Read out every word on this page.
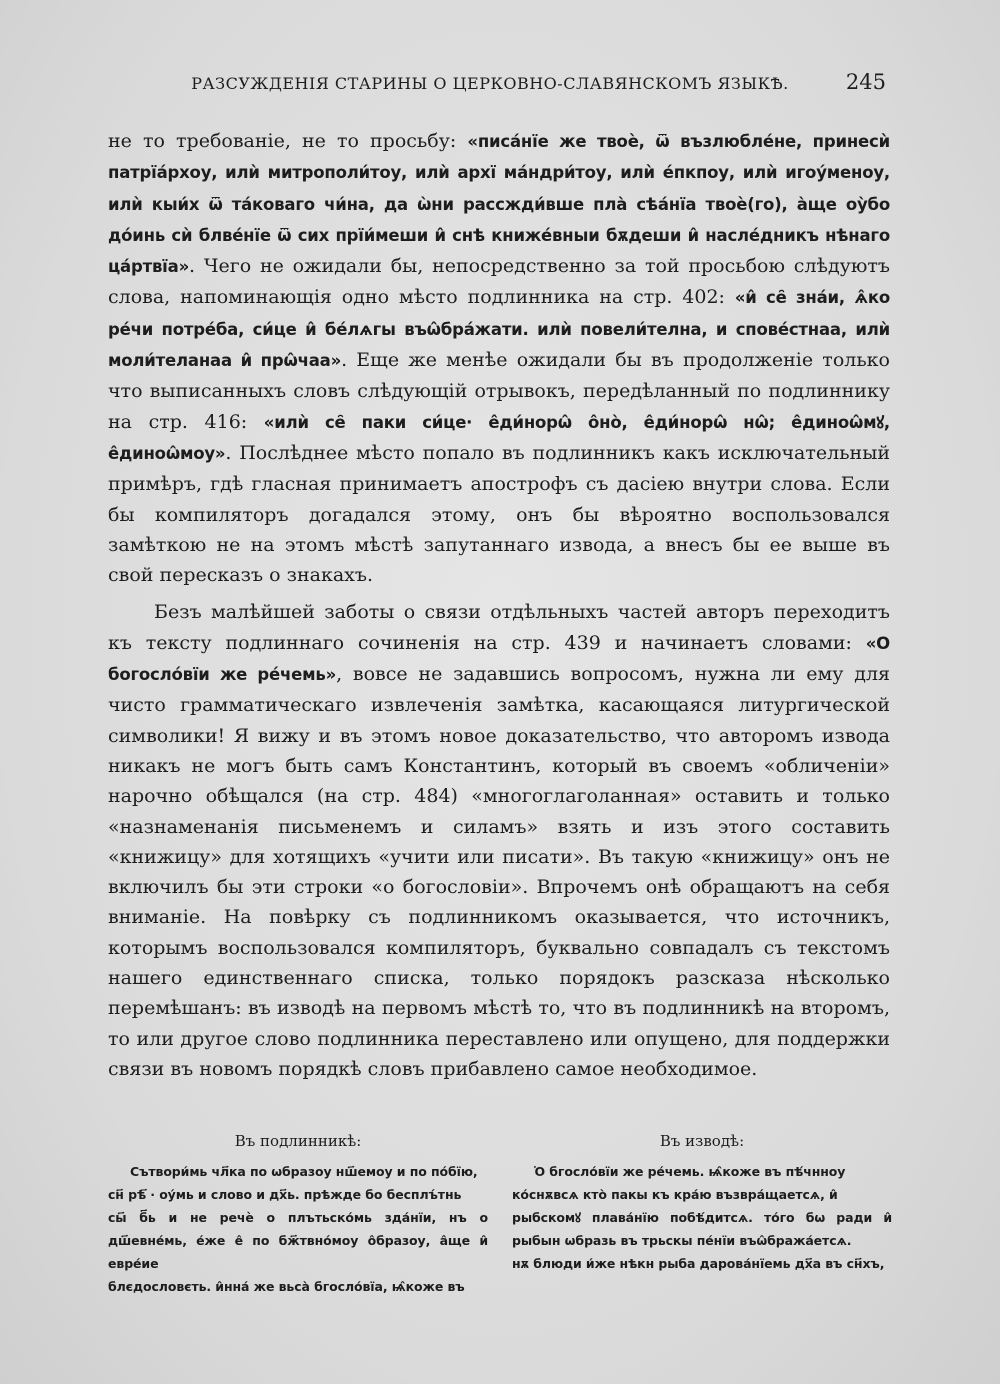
РАЗСУЖДЕНІЯ СТАРИНЫ О ЦЕРКОВНО-СЛАВЯНСКОМЪ ЯЗЫКѢ.	245

не то требованіе, не то просьбу: «писа́нїе же твоѐ, ѿ възлюбле́не, принесѝ патрїа́рхоу, илѝ митрополи́тоу, илѝ архї ма́ндри́тоу, илѝ е́пкпоу, илѝ игоу́меноу, илѝ кыи́х ѿ та́коваго чи́на, да ѡ̀ни рассжди́вше пла̀ сѣа́нїа твоѐ(го), а̀ще оу̀бо до́инь сѝ блве́нїе ѿ сих прїи́меши и̂ снѣ книже́вныи бѫдеши и̂ насле́дникъ нѣнаго ца́ртвїа». Чего не ожидали бы, непосредственно за той просьбою слѣдуютъ слова, напоминающія одно мѣсто подлинника на стр. 402: «и̂ се̑ зна́и, ѧ̂ко ре́чи потре́ба, си́це и̂ бе́лѧгы въѡ̂бра́жати. илѝ повели́телна, и спове́стнаа, илѝ моли́теланаа и̂ прѡ̂чаа». Еще же менѣе ожидали бы въ продолженіе только что выписанныхъ словъ слѣдующій отрывокъ, передѣланный по подлиннику на стр. 416: «илѝ се̑ паки си́це· е̂ди́норѡ̂ о̂но̀, е̂ди́норѡ̂ нѡ̂; е̂диноѡ̂мꙋ, е̂диноѡ̂моу». Послѣднее мѣсто попало въ подлинникъ какъ исключательный примѣръ, гдѣ гласная принимаетъ апострофъ съ дасіею внутри слова. Если бы компиляторъ догадался этому, онъ бы вѣроятно воспользовался замѣткою не на этомъ мѣстѣ запутаннаго извода, а внесъ бы ее выше въ свой пересказъ о знакахъ.

Безъ малѣйшей заботы о связи отдѣльныхъ частей авторъ переходитъ къ тексту подлиннаго сочиненія на стр. 439 и начинаетъ словами: «О богосло́вїи же ре́чемь», вовсе не задавшись вопросомъ, нужна ли ему для чисто грамматическаго извлеченія замѣтка, касающаяся литургической символики! Я вижу и въ этомъ новое доказательство, что авторомъ извода никакъ не могъ быть самъ Константинъ, который въ своемъ «обличеніи» нарочно обѣщался (на стр. 484) «многоглаголанная» оставить и только «назнаменанія письменемъ и силамъ» взять и изъ этого составить «книжицу» для хотящихъ «учити или писати». Въ такую «книжицу» онъ не включилъ бы эти строки «о богословіи». Впрочемъ онѣ обращаютъ на себя вниманіе. На повѣрку съ подлинникомъ оказывается, что источникъ, которымъ воспользовался компиляторъ, буквально совпадалъ съ текстомъ нашего единственнаго списка, только порядокъ разсказа нѣсколько перемѣшанъ: въ изводѣ на первомъ мѣстѣ то, что въ подлинникѣ на второмъ, то или другое слово подлинника переставлено или опущено, для поддержки связи въ новомъ порядкѣ словъ прибавлено самое необходимое.

Въ подлинникѣ:
Сътвори́мь чл҃ка по ѡбразоу нш҃емоу и по по́бїю,
сн҃ рѣ҃ · оу́мь и слово и дх҃ь. прѣжде бо бесплъ́тнь
сы҃ б҃ь и не речѐ о плътьско́мь зда́нїи, нъ о дш҃евне́мь, е́же е̂ по бж҃твно́моу о̂бразоу, а̂ще и̂ евре́ие
блєдословєть. и̂нна́ же вьса̀ бгосло́вїа, ѩ̂коже въ
Въ изводѣ:
Ὀ бгосло́вїи же ре́чемь. ѩ̂коже въ пѣ́чнноу
ко́снѫвсѧ кто̀ пакы къ кра́ю възвра́щаетсѧ, и̂
рыбскомꙋ плава́нїю побѣ́дитсѧ. то́го бѡ ради и̂ рыбын ѡбразь въ трьскы пе́нїи въѡ̂бража́етсѧ.
нѫ блюди и́же нѣкн рыба дарова́нїемь дх҃а въ сн҃хъ,
